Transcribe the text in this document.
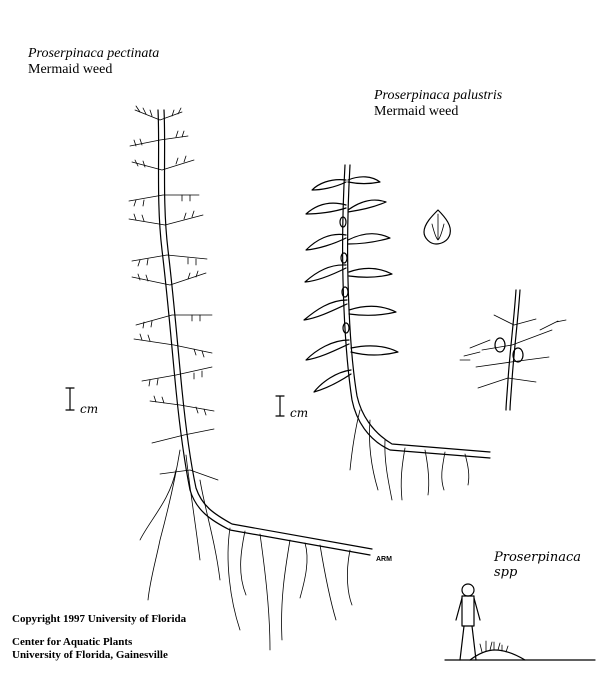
Proserpinaca pectinata
Mermaid weed
Proserpinaca palustris
Mermaid weed
cm	cm
ARM	Proserpinaca spp
Copyright 1997 University of Florida
Center for Aquatic Plants
University of Florida, Gainesville
